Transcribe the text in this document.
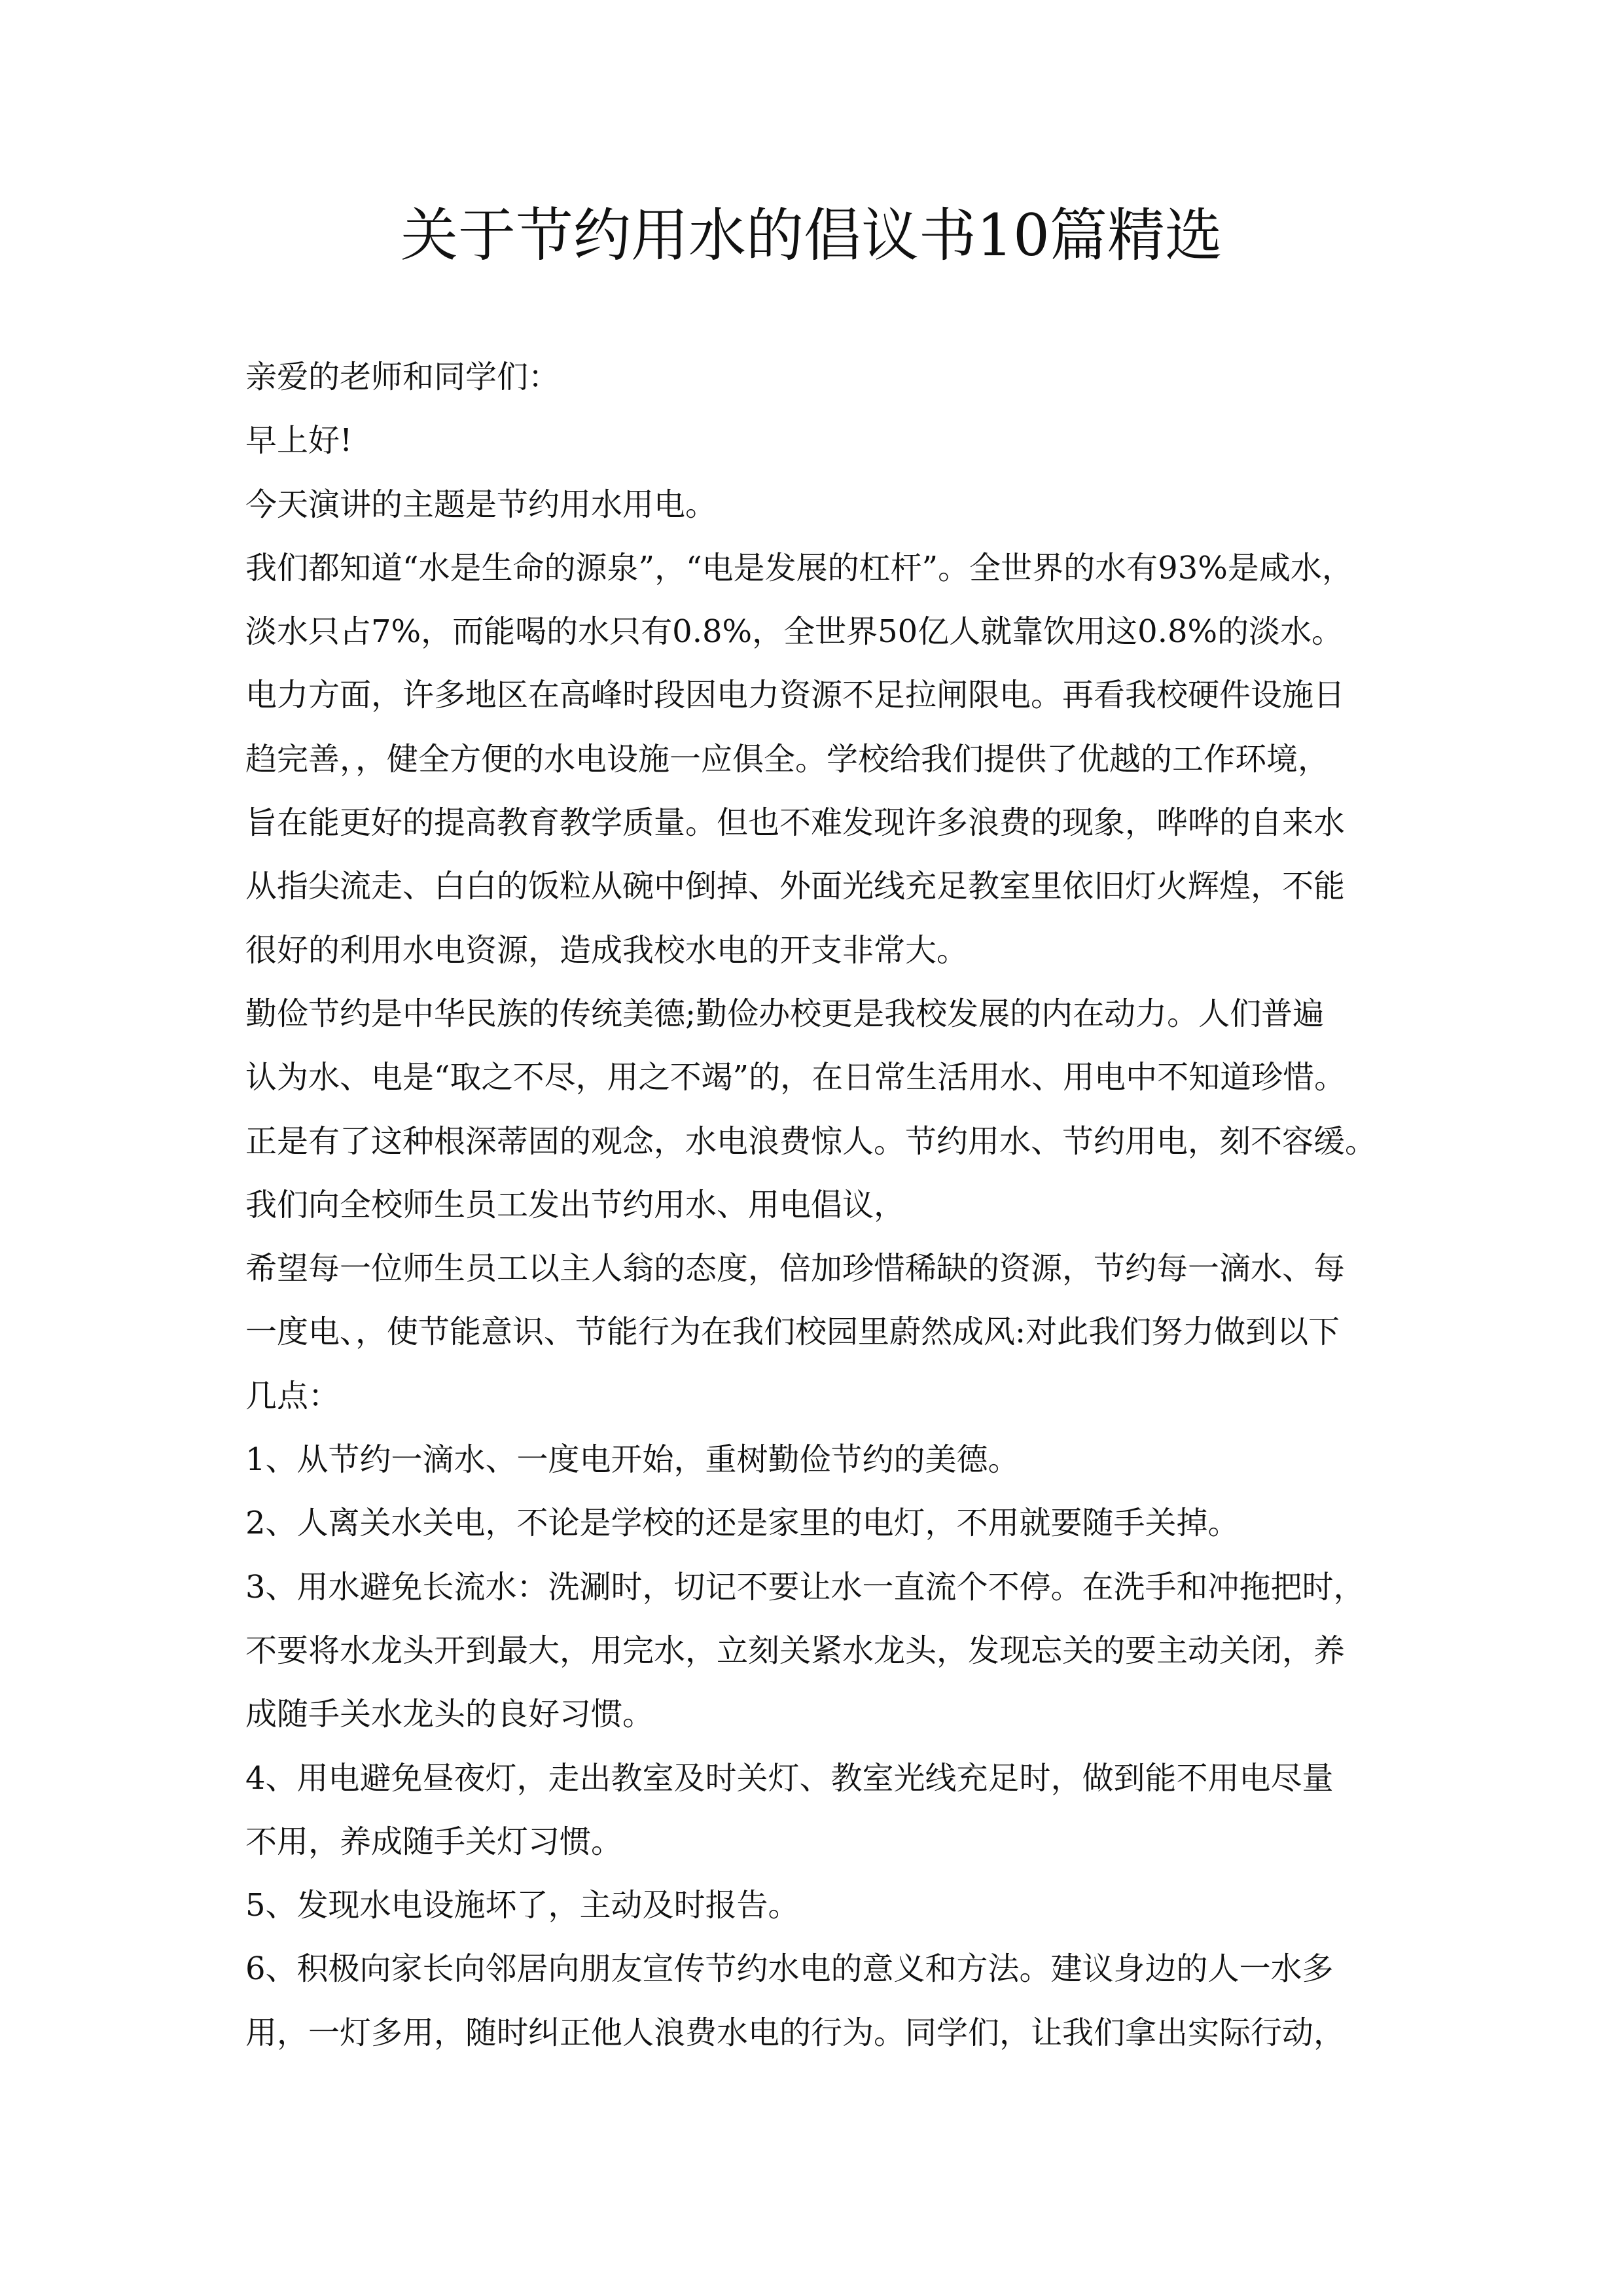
关于节约用水的倡议书10篇精选
亲爱的老师和同学们：
早上好!
今天演讲的主题是节约用水用电。
我们都知道“水是生命的源泉”，“电是发展的杠杆”。全世界的水有93%是咸水，
淡水只占7%，而能喝的水只有0.8%，全世界50亿人就靠饮用这0.8%的淡水。
电力方面，许多地区在高峰时段因电力资源不足拉闸限电。再看我校硬件设施日
趋完善，，健全方便的水电设施一应俱全。学校给我们提供了优越的工作环境，
旨在能更好的提高教育教学质量。但也不难发现许多浪费的现象，哗哗的自来水
从指尖流走、白白的饭粒从碗中倒掉、外面光线充足教室里依旧灯火辉煌，不能
很好的利用水电资源，造成我校水电的开支非常大。
勤俭节约是中华民族的传统美德;勤俭办校更是我校发展的内在动力。人们普遍
认为水、电是“取之不尽，用之不竭”的，在日常生活用水、用电中不知道珍惜。
正是有了这种根深蒂固的观念，水电浪费惊人。节约用水、节约用电，刻不容缓。
我们向全校师生员工发出节约用水、用电倡议，
希望每一位师生员工以主人翁的态度，倍加珍惜稀缺的资源，节约每一滴水、每
一度电、，使节能意识、节能行为在我们校园里蔚然成风:对此我们努力做到以下
几点：
1、从节约一滴水、一度电开始，重树勤俭节约的美德。
2、人离关水关电，不论是学校的还是家里的电灯，不用就要随手关掉。
3、用水避免长流水：洗涮时，切记不要让水一直流个不停。在洗手和冲拖把时，
不要将水龙头开到最大，用完水，立刻关紧水龙头，发现忘关的要主动关闭，养
成随手关水龙头的良好习惯。
4、用电避免昼夜灯，走出教室及时关灯、教室光线充足时，做到能不用电尽量
不用，养成随手关灯习惯。
5、发现水电设施坏了，主动及时报告。
6、积极向家长向邻居向朋友宣传节约水电的意义和方法。建议身边的人一水多
用，一灯多用，随时纠正他人浪费水电的行为。同学们，让我们拿出实际行动，
